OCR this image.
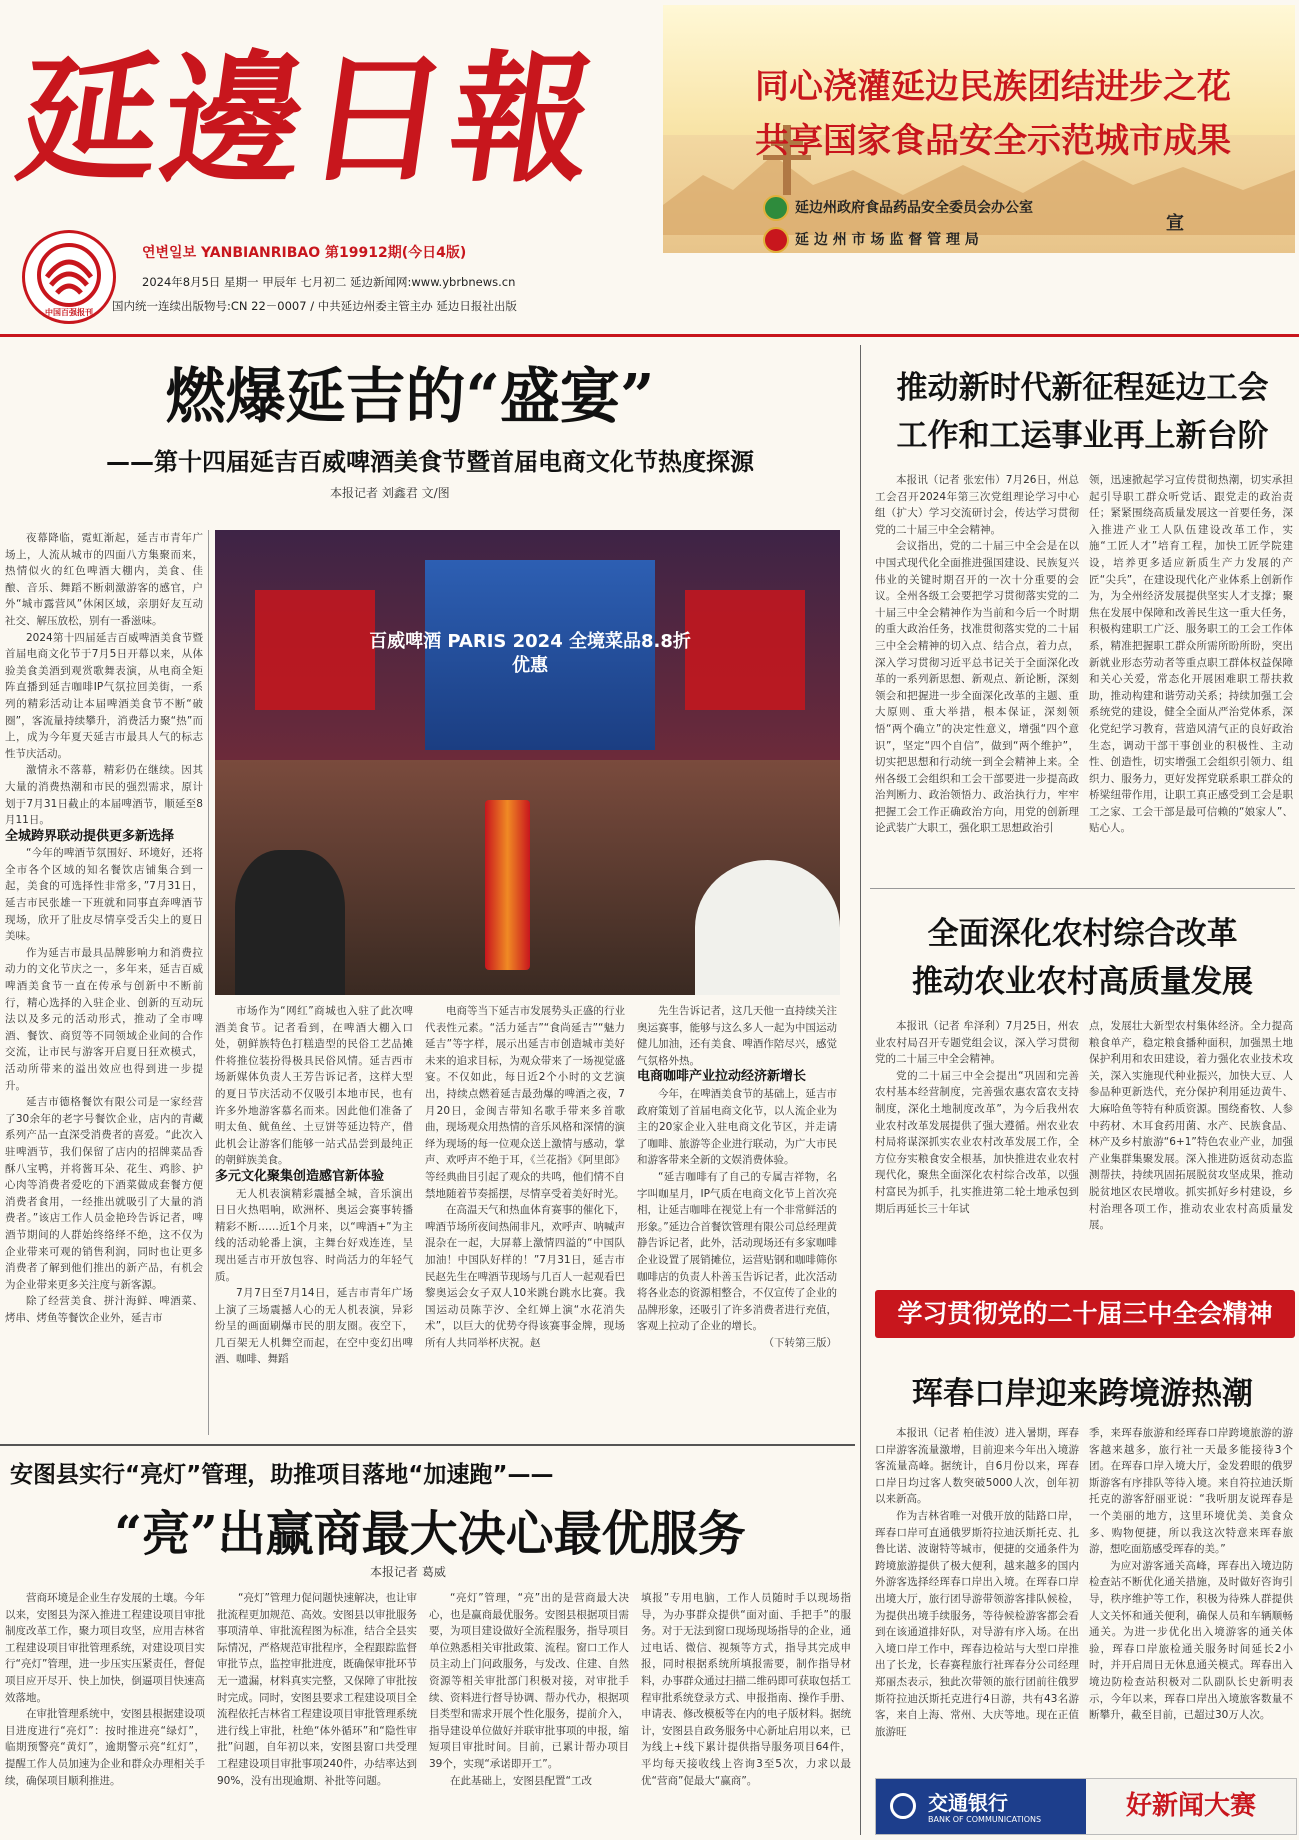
延邊日報
中国百强报刊
연변일보 YANBIANRIBAO 第19912期(今日4版)
2024年8月5日 星期一 甲辰年 七月初二 延边新闻网:www.ybrbnews.cn
国内统一连续出版物号:CN 22－0007 / 中共延边州委主管主办 延边日报社出版
同心浇灌延边民族团结进步之花
共享国家食品安全示范城市成果
延边州政府食品药品安全委员会办公室
延 边 州 市 场 监 督 管 理 局
宣
燃爆延吉的“盛宴”
——第十四届延吉百威啤酒美食节暨首届电商文化节热度探源
本报记者 刘鑫君 文/图
百威啤酒 PARIS 2024 全境菜品8.8折优惠

夜幕降临，霓虹渐起，延吉市青年广场上，人流从城市的四面八方集聚而来，热情似火的红色啤酒大棚内，美食、佳酿、音乐、舞蹈不断刺激游客的感官，户外“城市露营风”休闲区域，亲朋好友互动社交、解压放松，别有一番滋味。

2024第十四届延吉百威啤酒美食节暨首届电商文化节于7月5日开幕以来，从体验美食美酒到观赏歌舞表演，从电商全矩阵直播到延吉咖啡IP气氛拉回美街，一系列的精彩活动让本届啤酒美食节不断“破圈”，客流量持续攀升，消费活力聚“热”而上，成为今年夏天延吉市最具人气的标志性节庆活动。

激情永不落幕，精彩仍在继续。因其大量的消费热潮和市民的强烈需求，原计划于7月31日截止的本届啤酒节，顺延至8月11日。

全城跨界联动提供更多新选择

“今年的啤酒节氛围好、环境好，还将全市各个区域的知名餐饮店铺集合到一起，美食的可选择性非常多，”7月31日，延吉市民张雄一下班就和同事直奔啤酒节现场，欣开了肚皮尽情享受舌尖上的夏日美味。

作为延吉市最具品牌影响力和消费拉动力的文化节庆之一，多年来，延吉百威啤酒美食节一直在传承与创新中不断前行，精心选择的入驻企业、创新的互动玩法以及多元的活动形式，推动了全市啤酒、餐饮、商贸等不同领域企业间的合作交流，让市民与游客开启夏日狂欢模式，活动所带来的溢出效应也得到进一步提升。

延吉市德格餐饮有限公司是一家经营了30余年的老字号餐饮企业，店内的青藏系列产品一直深受消费者的喜爱。“此次入驻啤酒节，我们保留了店内的招牌菜品香酥八宝鸭，并将酱耳朵、花生、鸡胗、护心肉等消费者爱吃的下酒菜做成套餐方便消费者食用，一经推出就吸引了大量的消费者。”该店工作人员金艳玲告诉记者，啤酒节期间的人群始终络绎不绝，这不仅为企业带来可观的销售利润，同时也让更多消费者了解到他们推出的新产品，有机会为企业带来更多关注度与新客源。

除了经营美食、拼汁海鲜、啤酒菜、烤串、烤鱼等餐饮企业外，延吉市

市场作为“网红”商城也入驻了此次啤酒美食节。记者看到，在啤酒大棚入口处，朝鲜族特色打糕造型的民俗工艺品摊件将推位装扮得极具民俗风情。延吉西市场新媒体负责人王芳告诉记者，这样大型的夏日节庆活动不仅吸引本地市民，也有许多外地游客慕名而来。因此他们准备了明太鱼、鱿鱼丝、土豆饼等延边特产，借此机会让游客们能够一站式品尝到最纯正的朝鲜族美食。

多元文化聚集创造感官新体验

无人机表演精彩震撼全城，音乐演出日日火热唱响，欧洲杯、奥运会赛事转播精彩不断……近1个月来，以“啤酒+”为主线的活动轮番上演，主舞台好戏连连，呈现出延吉市开放包容、时尚活力的年轻气质。

7月7日至7月14日，延吉市青年广场上演了三场震撼人心的无人机表演，异彩纷呈的画面刷爆市民的朋友圈。夜空下，几百架无人机舞空而起，在空中变幻出啤酒、咖啡、舞蹈

电商等当下延吉市发展势头正盛的行业代表性元素。“活力延吉”“食尚延吉”“魅力延吉”等字样，展示出延吉市创造城市美好未来的追求目标，为观众带来了一场视觉盛宴。不仅如此，每日近2个小时的文艺演出，持续点燃着延吉最劲爆的啤酒之夜，7月20日，金闽吉带知名歌手带来多首歌曲，现场观众用热情的音乐风格和深情的演绎为现场的每一位观众送上激情与感动，掌声、欢呼声不绝于耳，《兰花指》《阿里郎》等经典曲目引起了观众的共鸣，他们情不自禁地随着节奏摇摆，尽情享受着美好时光。

在高温天气和热血体育赛事的催化下，啤酒节场所夜间热闹非凡，欢呼声、呐喊声混杂在一起，大屏幕上激情四溢的“中国队加油！中国队好样的！”7月31日，延吉市民赵先生在啤酒节现场与几百人一起观看巴黎奥运会女子双人10米跳台跳水比赛。我国运动员陈芋汐、全红婵上演“水花消失术”，以巨大的优势夺得该赛事金牌，现场所有人共同举杯庆祝。赵

先生告诉记者，这几天他一直持续关注奥运赛事，能够与这么多人一起为中国运动健儿加油，还有美食、啤酒作陪尽兴，感觉气氛格外热。

电商咖啡产业拉动经济新增长

今年，在啤酒美食节的基础上，延吉市政府策划了首届电商文化节，以人流企业为主的20家企业入驻电商文化节区，并走请了咖啡、旅游等企业进行联动，为广大市民和游客带来全新的文娱消费体验。

“延吉咖啡有了自己的专属吉祥物，名字叫咖星月，IP气质在电商文化节上首次亮相，让延吉咖啡在视觉上有一个非常鲜活的形象。”延边合首餐饮管理有限公司总经理黄静告诉记者，此外，活动现场还有多家咖啡企业设置了展销摊位，运营贴钢和咖啡筛你咖啡店的负责人朴善玉告诉记者，此次活动将各业态的资源相整合，不仅宣传了企业的品牌形象，还吸引了许多消费者进行充值，客观上拉动了企业的增长。

（下转第三版）

推动新时代新征程延边工会
工作和工运事业再上新台阶

本报讯（记者 张宏伟）7月26日，州总工会召开2024年第三次党组理论学习中心组（扩大）学习交流研讨会，传达学习贯彻党的二十届三中全会精神。

会议指出，党的二十届三中全会是在以中国式现代化全面推进强国建设、民族复兴伟业的关键时期召开的一次十分重要的会议。全州各级工会要把学习贯彻落实党的二十届三中全会精神作为当前和今后一个时期的重大政治任务，找准贯彻落实党的二十届三中全会精神的切入点、结合点，着力点，深入学习贯彻习近平总书记关于全面深化改革的一系列新思想、新观点、新论断，深刻领会和把握进一步全面深化改革的主题、重大原则、重大举措，根本保证，深刻领悟“两个确立”的决定性意义，增强“四个意识”，坚定“四个自信”，做到“两个维护”，切实把思想和行动统一到全会精神上来。全州各级工会组织和工会干部要进一步提高政治判断力、政治领悟力、政治执行力，牢牢把握工会工作正确政治方向，用党的创新理论武装广大职工，强化职工思想政治引

领，迅速掀起学习宣传贯彻热潮，切实承担起引导职工群众听党话、跟党走的政治责任；紧紧围绕高质量发展这一首要任务，深入推进产业工人队伍建设改革工作，实施“工匠人才”培育工程，加快工匠学院建设，培养更多适应新质生产力发展的产匠“尖兵”，在建设现代化产业体系上创新作为，为全州经济发展提供坚实人才支撑；聚焦在发展中保障和改善民生这一重大任务，积极构建职工广泛、服务职工的工会工作体系，精准把握职工群众所需所盼所盼，突出新就业形态劳动者等重点职工群体权益保障和关心关爱，常态化开展困难职工帮扶救助，推动构建和谐劳动关系；持续加强工会系统党的建设，健全全面从严治党体系，深化党纪学习教育，营造风清气正的良好政治生态，调动干部干事创业的积极性、主动性、创造性，切实增强工会组织引领力、组织力、服务力，更好发挥党联系职工群众的桥梁纽带作用，让职工真正感受到工会是职工之家、工会干部是最可信赖的“娘家人”、贴心人。

全面深化农村综合改革
推动农业农村高质量发展

本报讯（记者 牟泽利）7月25日，州农业农村局召开专题党组会议，深入学习贯彻党的二十届三中全会精神。

党的二十届三中全会提出“巩固和完善农村基本经营制度，完善强农惠农富农支持制度，深化土地制度改革”，为今后我州农业农村改革发展提供了强大遵循。州农业农村局将谋深抓实农业农村改革发展工作，全方位夯实粮食安全根基，加快推进农业农村现代化，聚焦全面深化农村综合改革，以强村富民为抓手，扎实推进第二轮土地承包到期后再延长三十年试

点，发展壮大新型农村集体经济。全力提高粮食单产，稳定粮食播种面积，加强黑土地保护利用和农田建设，着力强化农业技术攻关，深入实施现代种业振兴，加快大豆、人参品种更新迭代，充分保护利用延边黄牛、大麻哈鱼等特有种质资源。围绕畜牧、人参中药材、木耳食药用菌、水产、民族食品、林产及乡村旅游“6+1”特色农业产业，加强产业集群集聚发展。深入推进防返贫动态监测帮扶，持续巩固拓展脱贫攻坚成果，推动脱贫地区农民增收。抓实抓好乡村建设，乡村治理各项工作，推动农业农村高质量发展。

学习贯彻党的二十届三中全会精神
珲春口岸迎来跨境游热潮

本报讯（记者 柏佳波）进入暑期，珲春口岸游客流量激增，目前迎来今年出入境游客流量高峰。据统计，自6月份以来，珲春口岸日均过客人数突破5000人次，创年初以来新高。

作为吉林省唯一对俄开放的陆路口岸，珲春口岸可直通俄罗斯符拉迪沃斯托克、扎鲁比诺、波谢特等城市，便捷的交通条件为跨境旅游提供了极大便利，越来越多的国内外游客选择经珲春口岸出入境。在珲春口岸出境大厅，旅行团导游带领游客排队候检，为提供出境手续服务，等待候检游客都会看到在该通道排好队，对导游有序入场。在出入境口岸工作中，珲春边检站与大型口岸推出了长龙，长春赛程旅行社珲春分公司经理郑丽杰表示，独此次带领的旅行团前往俄罗斯符拉迪沃斯托克进行4日游，共有43名游客，来自上海、常州、大庆等地。现在正值旅游旺

季，来珲春旅游和经珲春口岸跨境旅游的游客越来越多，旅行社一天最多能接待3个团。在珲春口岸入境大厅，金发碧眼的俄罗斯游客有序排队等待入境。来自符拉迪沃斯托克的游客舒丽亚说：“我听朋友说珲春是一个美丽的地方，这里环境优美、美食众多、购物便捷，所以我这次特意来珲春旅游，想吃面筋感受珲春的美。”

为应对游客通关高峰，珲春出入境边防检查站不断优化通关措施，及时做好咨询引导，秩序维护等工作，积极为待殊人群提供人文关怀和通关便利，确保人员和车辆顺畅通关。为进一步优化出入境游客的通关体验，珲春口岸旅检通关服务时间延长2小时，并开启周日无休息通关模式。珲春出入境边防检查站积极对二队副队长史新明表示，今年以来，珲春口岸出入境旅客数量不断攀升，截至目前，已超过30万人次。

交通银行
BANK OF COMMUNICATIONS	好新闻大赛
安图县实行“亮灯”管理，助推项目落地“加速跑”——
“亮”出赢商最大决心最优服务
本报记者 葛威

营商环境是企业生存发展的土壤。今年以来，安图县为深入推进工程建设项目审批制度改革工作，聚力项目攻坚，应用吉林省工程建设项目审批管理系统，对建设项目实行“亮灯”管理，进一步压实压紧责任，督促项目应开尽开、快上加快，倒逼项目快速高效落地。

在审批管理系统中，安图县根据建设项目进度进行“亮灯”：按时推进亮“绿灯”，临期预警亮“黄灯”，逾期警示亮“红灯”，提醒工作人员加速为企业和群众办理相关手续，确保项目顺利推进。

“亮灯”管理力促问题快速解决，也让审批流程更加规范、高效。安图县以审批服务事项清单、审批流程图为标准，结合全县实际情况，严格规范审批程序，全程跟踪监督审批节点，监控审批进度，既确保审批环节无一遗漏，材料真实完整，又保障了审批按时完成。同时，安图县要求工程建设项目全流程依托吉林省工程建设项目审批管理系统进行线上审批，杜绝“体外循环”和“隐性审批”问题，自年初以来，安图县窗口共受理工程建设项目审批事项240件，办结率达到90%，没有出现逾期、补批等问题。

“亮灯”管理，“亮”出的是营商最大决心，也是赢商最优服务。安图县根据项目需要，为项目建设做好全流程服务，指导项目单位熟悉相关审批政策、流程。窗口工作人员主动上门问政服务，与发改、住建、自然资源等相关审批部门积极对接，对审批手续、资料进行督导协调、帮办代办，根据项目类型和需求开展个性化服务，提前介入，指导建设单位做好并联审批事项的申报，缩短项目审批时间。目前，已累计帮办项目39个，实现“承诺即开工”。

在此基础上，安图县配置“工改

填报”专用电脑，工作人员随时手以现场指导，为办事群众提供“面对面、手把手”的服务。对于无法到窗口现场现场指导的企业，通过电话、微信、视频等方式，指导其完成申报，同时根据系统所填报需要，制作指导材料，办事群众通过扫描二维码即可获取包括工程审批系统登录方式、申报指南、操作手册、申请表、修改模板等在内的电子版材料。据统计，安图县自政务服务中心新址启用以来，已为线上+线下累计提供指导服务项目64件，平均每天接收线上咨询3至5次，力求以最优“营商”促最大“赢商”。
